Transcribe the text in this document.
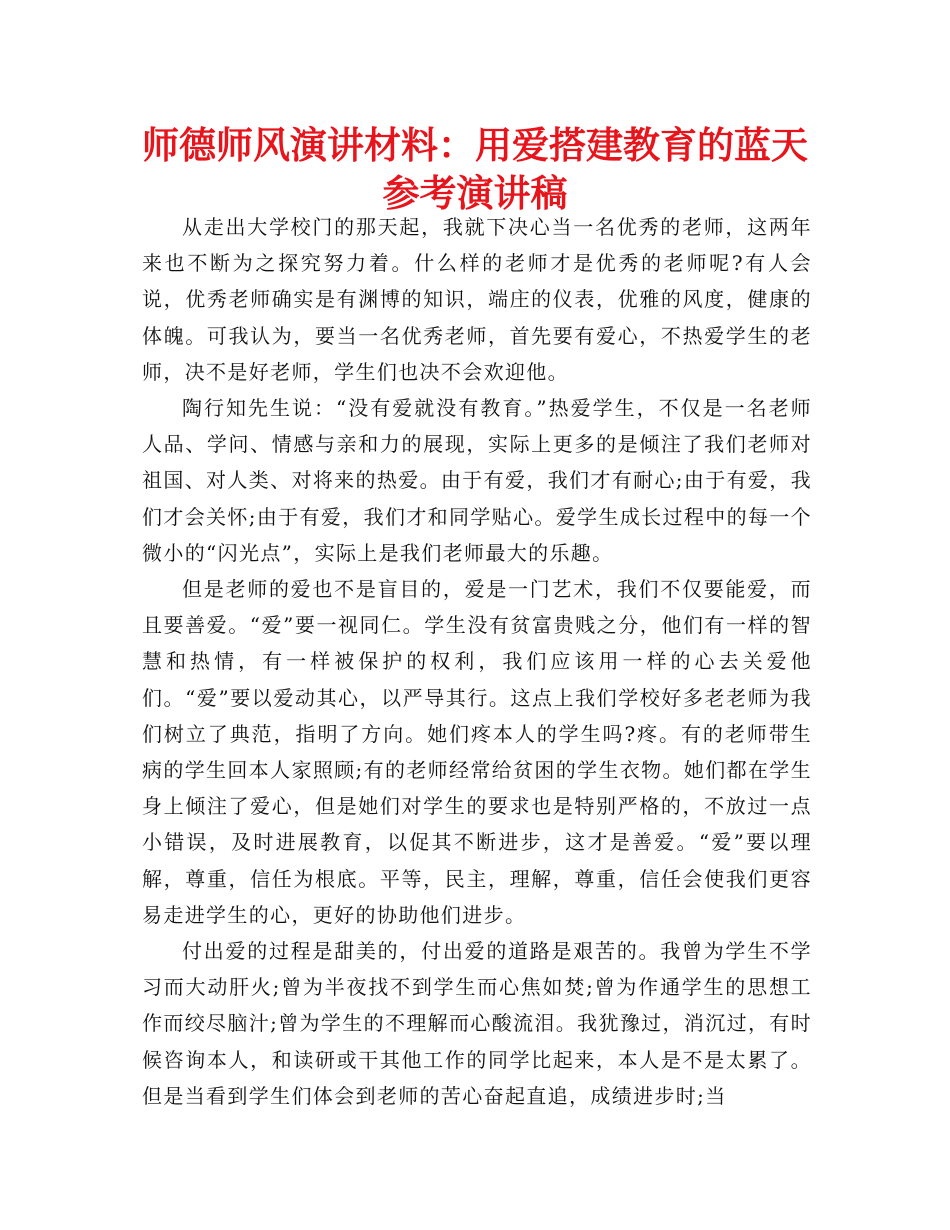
师德师风演讲材料：用爱搭建教育的蓝天
参考演讲稿

从走出大学校门的那天起，我就下决心当一名优秀的老师，这两年来也不断为之探究努力着。什么样的老师才是优秀的老师呢?有人会说，优秀老师确实是有渊博的知识，端庄的仪表，优雅的风度，健康的体魄。可我认为，要当一名优秀老师，首先要有爱心，不热爱学生的老师，决不是好老师，学生们也决不会欢迎他。

陶行知先生说：“没有爱就没有教育。”热爱学生，不仅是一名老师人品、学问、情感与亲和力的展现，实际上更多的是倾注了我们老师对祖国、对人类、对将来的热爱。由于有爱，我们才有耐心;由于有爱，我们才会关怀;由于有爱，我们才和同学贴心。爱学生成长过程中的每一个微小的“闪光点”，实际上是我们老师最大的乐趣。

但是老师的爱也不是盲目的，爱是一门艺术，我们不仅要能爱，而且要善爱。“爱”要一视同仁。学生没有贫富贵贱之分，他们有一样的智慧和热情，有一样被保护的权利，我们应该用一样的心去关爱他们。“爱”要以爱动其心，以严导其行。这点上我们学校好多老老师为我们树立了典范，指明了方向。她们疼本人的学生吗?疼。有的老师带生病的学生回本人家照顾;有的老师经常给贫困的学生衣物。她们都在学生身上倾注了爱心，但是她们对学生的要求也是特别严格的，不放过一点小错误，及时进展教育，以促其不断进步，这才是善爱。“爱”要以理解，尊重，信任为根底。平等，民主，理解，尊重，信任会使我们更容易走进学生的心，更好的协助他们进步。

付出爱的过程是甜美的，付出爱的道路是艰苦的。我曾为学生不学习而大动肝火;曾为半夜找不到学生而心焦如焚;曾为作通学生的思想工作而绞尽脑汁;曾为学生的不理解而心酸流泪。我犹豫过，消沉过，有时候咨询本人，和读研或干其他工作的同学比起来，本人是不是太累了。但是当看到学生们体会到老师的苦心奋起直追，成绩进步时;当
